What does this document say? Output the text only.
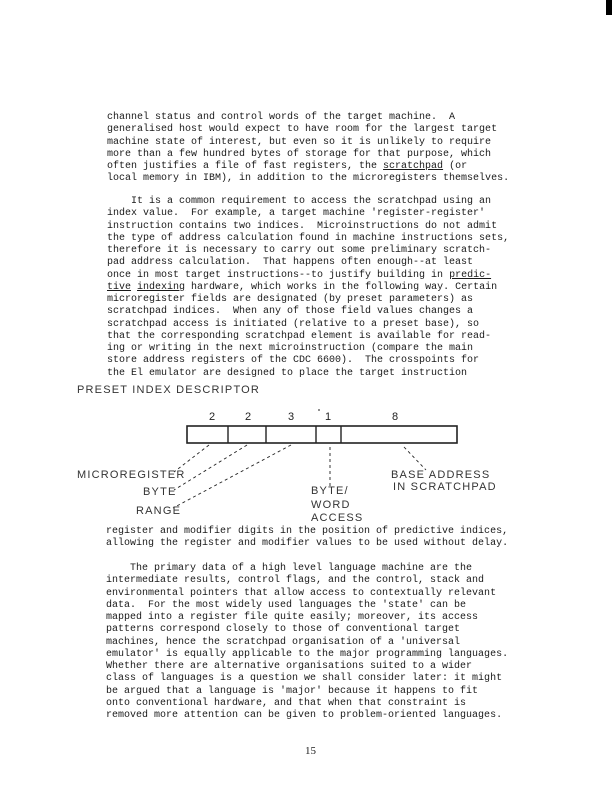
channel status and control words of the target machine.  A
generalised host would expect to have room for the largest target
machine state of interest, but even so it is unlikely to require
more than a few hundred bytes of storage for that purpose, which
often justifies a file of fast registers, the scratchpad (or
local memory in IBM), in addition to the microregisters themselves.
It is a common requirement to access the scratchpad using an
index value.  For example, a target machine 'register-register'
instruction contains two indices.  Microinstructions do not admit
the type of address calculation found in machine instructions sets,
therefore it is necessary to carry out some preliminary scratch-
pad address calculation.  That happens often enough--at least
once in most target instructions--to justify building in predic-
tive indexing hardware, which works in the following way. Certain
microregister fields are designated (by preset parameters) as
scratchpad indices.  When any of those field values changes a
scratchpad access is initiated (relative to a preset base), so
that the corresponding scratchpad element is available for read-
ing or writing in the next microinstruction (compare the main
store address registers of the CDC 6600).  The crosspoints for
the El emulator are designed to place the target instruction
PRESET INDEX DESCRIPTOR
2	2	3	1	8
MICROREGISTER
BYTE
RANGE
BYTE/
WORD
ACCESS
BASE ADDRESS
IN SCRATCHPAD
register and modifier digits in the position of predictive indices,
allowing the register and modifier values to be used without delay.
The primary data of a high level language machine are the
intermediate results, control flags, and the control, stack and
environmental pointers that allow access to contextually relevant
data.  For the most widely used languages the 'state' can be
mapped into a register file quite easily; moreover, its access
patterns correspond closely to those of conventional target
machines, hence the scratchpad organisation of a 'universal
emulator' is equally applicable to the major programming languages.
Whether there are alternative organisations suited to a wider
class of languages is a question we shall consider later: it might
be argued that a language is 'major' because it happens to fit
onto conventional hardware, and that when that constraint is
removed more attention can be given to problem-oriented languages.
15
